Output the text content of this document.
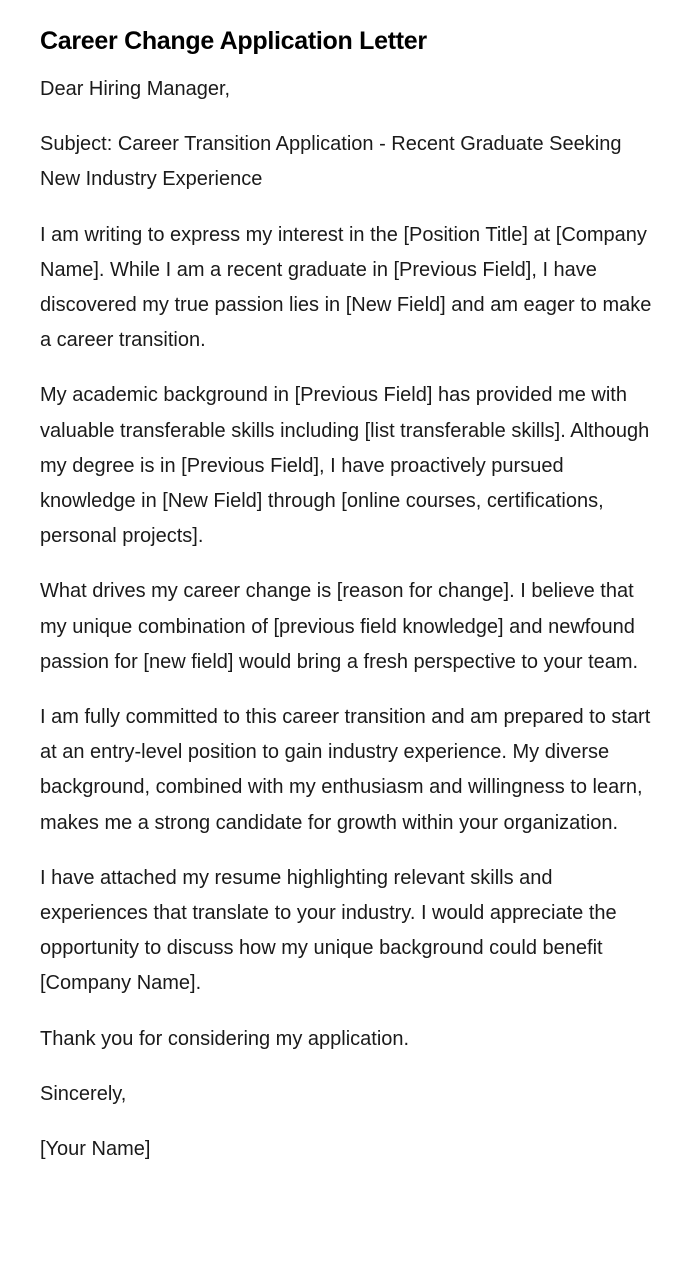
Career Change Application Letter

Dear Hiring Manager,

Subject: Career Transition Application - Recent Graduate Seeking New Industry Experience

I am writing to express my interest in the [Position Title] at [Company Name]. While I am a recent graduate in [Previous Field], I have discovered my true passion lies in [New Field] and am eager to make a career transition.

My academic background in [Previous Field] has provided me with valuable transferable skills including [list transferable skills]. Although my degree is in [Previous Field], I have proactively pursued knowledge in [New Field] through [online courses, certifications, personal projects].

What drives my career change is [reason for change]. I believe that my unique combination of [previous field knowledge] and newfound passion for [new field] would bring a fresh perspective to your team.

I am fully committed to this career transition and am prepared to start at an entry-level position to gain industry experience. My diverse background, combined with my enthusiasm and willingness to learn, makes me a strong candidate for growth within your organization.

I have attached my resume highlighting relevant skills and experiences that translate to your industry. I would appreciate the opportunity to discuss how my unique background could benefit [Company Name].

Thank you for considering my application.

Sincerely,

[Your Name]
